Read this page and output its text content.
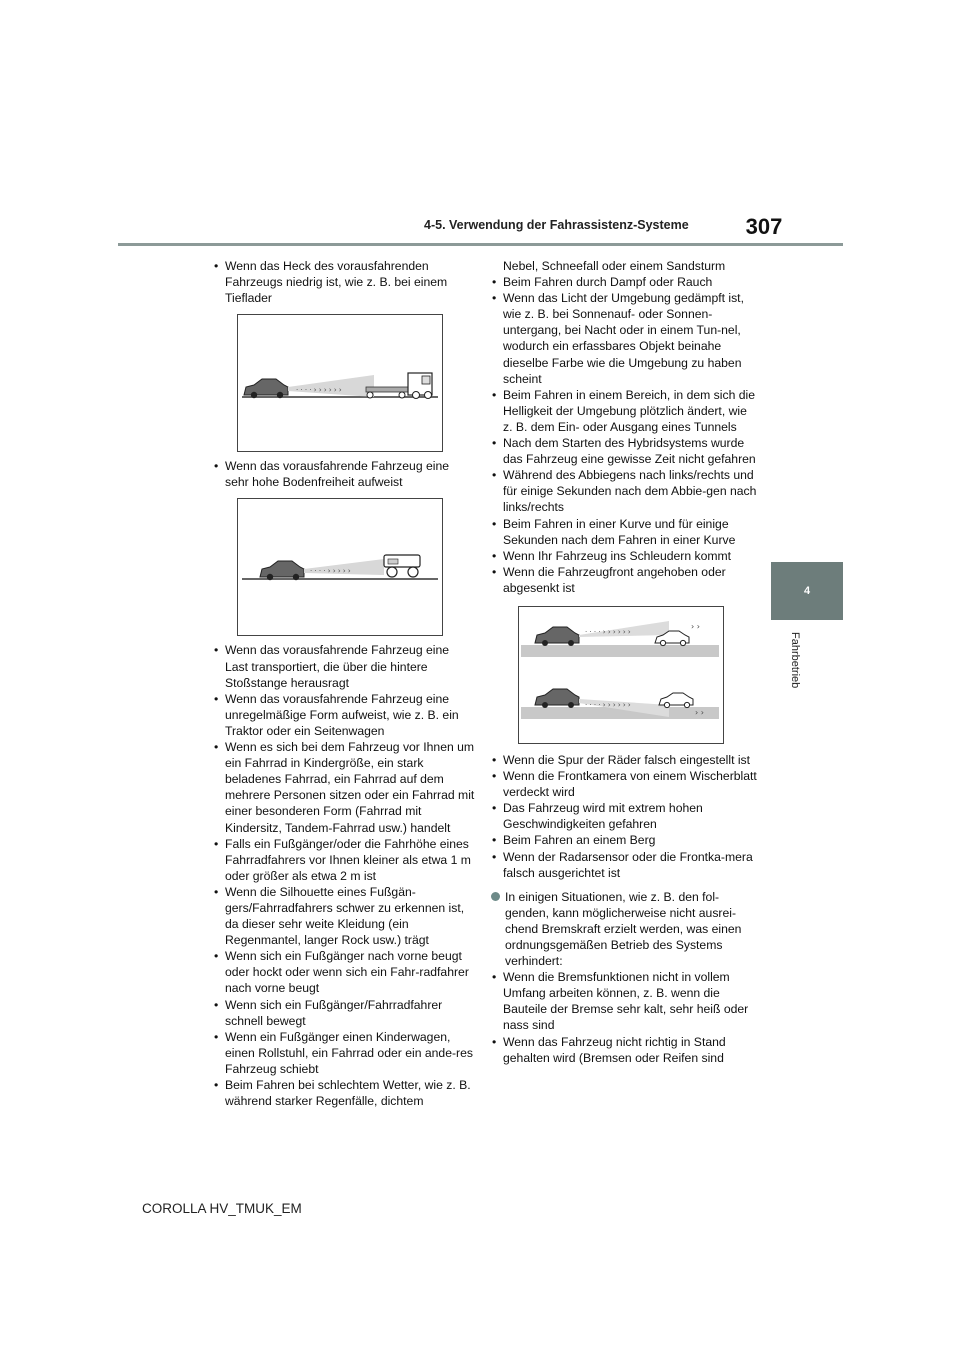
307
4-5. Verwendung der Fahrassistenz-Systeme
4
Fahrbetrieb
• Wenn das Heck des vorausfahrenden Fahrzeugs niedrig ist, wie z. B. bei einem Tieflader
· · · · › › › › › ›
• Wenn das vorausfahrende Fahrzeug eine sehr hohe Bodenfreiheit aufweist
· · · · › › › › ›
• Wenn das vorausfahrende Fahrzeug eine Last transportiert, die über die hintere Stoßstange herausragt
• Wenn das vorausfahrende Fahrzeug eine unregelmäßige Form aufweist, wie z. B. ein Traktor oder ein Seitenwagen
• Wenn es sich bei dem Fahrzeug vor Ihnen um ein Fahrrad in Kindergröße, ein stark beladenes Fahrrad, ein Fahrrad auf dem mehrere Personen sitzen oder ein Fahrrad mit einer besonderen Form (Fahrrad mit Kindersitz, Tandem-Fahrrad usw.) handelt
• Falls ein Fußgänger/oder die Fahrhöhe eines Fahrradfahrers vor Ihnen kleiner als etwa 1 m oder größer als etwa 2 m ist
• Wenn die Silhouette eines Fußgän-gers/Fahrradfahrers schwer zu erkennen ist, da dieser sehr weite Kleidung (ein Regenmantel, langer Rock usw.) trägt
• Wenn sich ein Fußgänger nach vorne beugt oder hockt oder wenn sich ein Fahr-radfahrer nach vorne beugt
• Wenn sich ein Fußgänger/Fahrradfahrer schnell bewegt
• Wenn ein Fußgänger einen Kinderwagen, einen Rollstuhl, ein Fahrrad oder ein ande-res Fahrzeug schiebt
• Beim Fahren bei schlechtem Wetter, wie z. B. während starker Regenfälle, dichtem
Nebel, Schneefall oder einem Sandsturm
• Beim Fahren durch Dampf oder Rauch
• Wenn das Licht der Umgebung gedämpft ist, wie z. B. bei Sonnenauf- oder Sonnen-untergang, bei Nacht oder in einem Tun-nel, wodurch ein erfassbares Objekt beinahe dieselbe Farbe wie die Umgebung zu haben scheint
• Beim Fahren in einem Bereich, in dem sich die Helligkeit der Umgebung plötzlich ändert, wie z. B. dem Ein- oder Ausgang eines Tunnels
• Nach dem Starten des Hybridsystems wurde das Fahrzeug eine gewisse Zeit nicht gefahren
• Während des Abbiegens nach links/rechts und für einige Sekunden nach dem Abbie-gen nach links/rechts
• Beim Fahren in einer Kurve und für einige Sekunden nach dem Fahren in einer Kurve
• Wenn Ihr Fahrzeug ins Schleudern kommt
• Wenn die Fahrzeugfront angehoben oder abgesenkt ist
· · · · › › › › › ›
› ›
· · · · › › › › › ›
› ›
• Wenn die Spur der Räder falsch eingestellt ist
• Wenn die Frontkamera von einem Wischerblatt verdeckt wird
• Das Fahrzeug wird mit extrem hohen Geschwindigkeiten gefahren
• Beim Fahren an einem Berg
• Wenn der Radarsensor oder die Frontka-mera falsch ausgerichtet ist
In einigen Situationen, wie z. B. den fol-genden, kann möglicherweise nicht ausrei-chend Bremskraft erzielt werden, was einen ordnungsgemäßen Betrieb des Systems verhindert:
• Wenn die Bremsfunktionen nicht in vollem Umfang arbeiten können, z. B. wenn die Bauteile der Bremse sehr kalt, sehr heiß oder nass sind
• Wenn das Fahrzeug nicht richtig in Stand gehalten wird (Bremsen oder Reifen sind
COROLLA HV_TMUK_EM
